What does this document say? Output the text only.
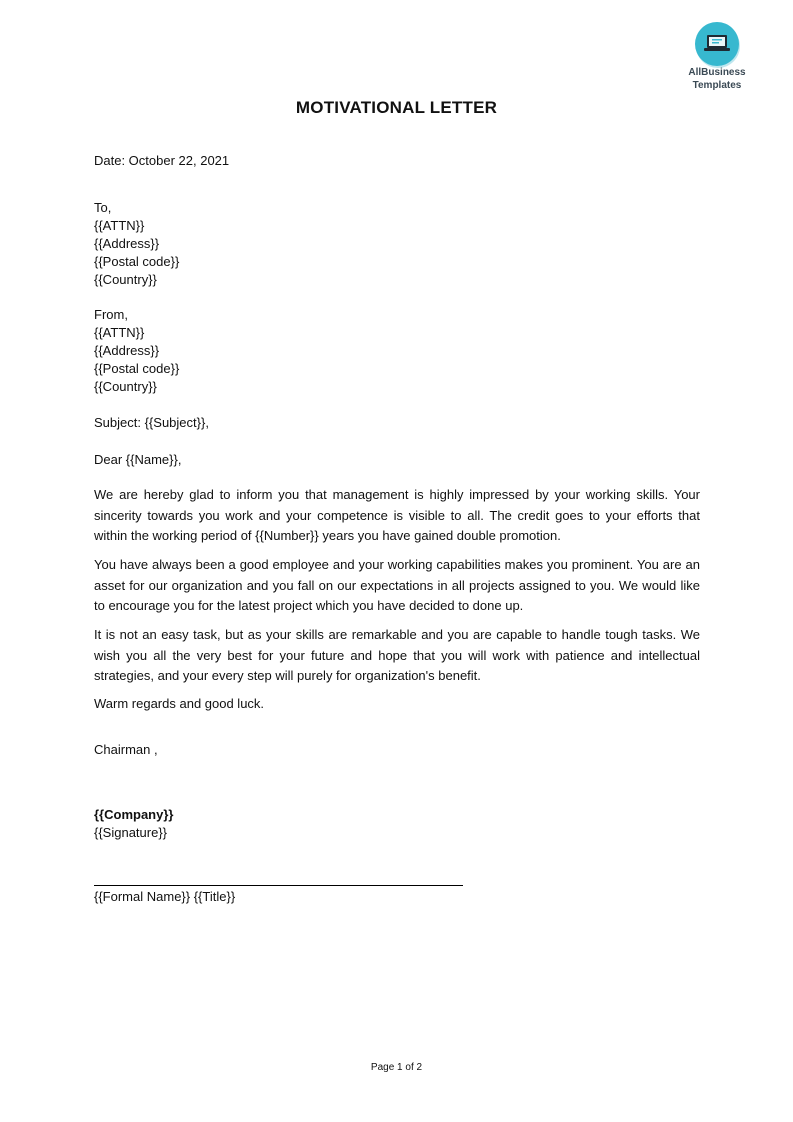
AllBusiness
Templates
MOTIVATIONAL LETTER
Date: October 22, 2021
To,
{{ATTN}}
{{Address}}
{{Postal code}}
{{Country}}
From,
{{ATTN}}
{{Address}}
{{Postal code}}
{{Country}}
Subject: {{Subject}},
Dear {{Name}},
We are hereby glad to inform you that management is highly impressed by your working skills. Your sincerity towards you work and your competence is visible to all. The credit goes to your efforts that within the working period of {{Number}} years you have gained double promotion.
You have always been a good employee and your working capabilities makes you prominent. You are an asset for our organization and you fall on our expectations in all projects assigned to you. We would like to encourage you for the latest project which you have decided to done up.
It is not an easy task, but as your skills are remarkable and you are capable to handle tough tasks. We wish you all the very best for your future and hope that you will work with patience and intellectual strategies, and your every step will purely for organization's benefit.
Warm regards and good luck.
Chairman ,
{{Company}}
{{Signature}}
{{Formal Name}} {{Title}}
Page 1 of 2
